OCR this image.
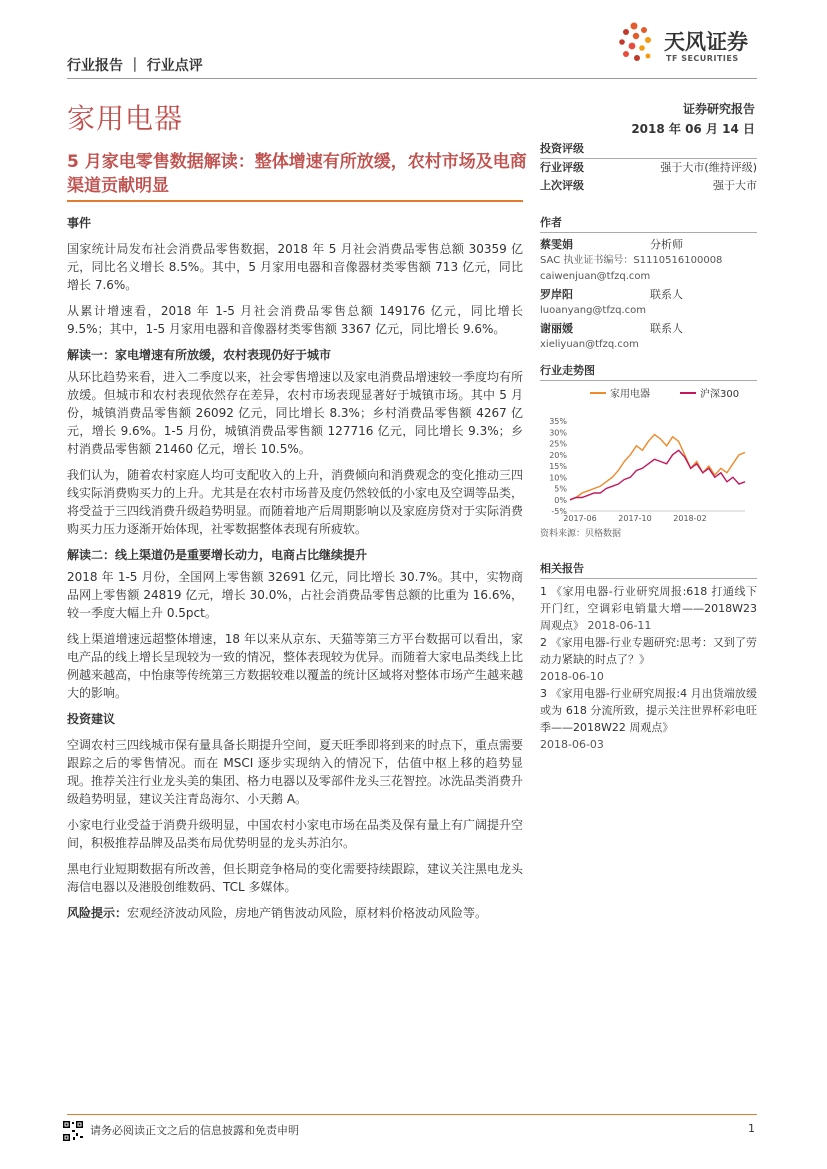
行业报告 ｜ 行业点评
天风证券
TF SECURITIES
家用电器	证券研究报告
2018 年 06 月 14 日
5 月家电零售数据解读：整体增速有所放缓，农村市场及电商渠道贡献明显
事件

国家统计局发布社会消费品零售数据，2018 年 5 月社会消费品零售总额 30359 亿元，同比名义增长 8.5%。其中，5 月家用电器和音像器材类零售额 713 亿元，同比增长 7.6%。

从累计增速看，2018 年 1-5 月社会消费品零售总额 149176 亿元，同比增长 9.5%；其中，1-5 月家用电器和音像器材类零售额 3367 亿元，同比增长 9.6%。

解读一：家电增速有所放缓，农村表现仍好于城市

从环比趋势来看，进入二季度以来，社会零售增速以及家电消费品增速较一季度均有所放缓。但城市和农村表现依然存在差异，农村市场表现显著好于城镇市场。其中 5 月份，城镇消费品零售额 26092 亿元，同比增长 8.3%；乡村消费品零售额 4267 亿元，增长 9.6%。1-5 月份，城镇消费品零售额 127716 亿元，同比增长 9.3%；乡村消费品零售额 21460 亿元，增长 10.5%。

我们认为，随着农村家庭人均可支配收入的上升，消费倾向和消费观念的变化推动三四线实际消费购买力的上升。尤其是在农村市场普及度仍然较低的小家电及空调等品类，将受益于三四线消费升级趋势明显。而随着地产后周期影响以及家庭房贷对于实际消费购买力压力逐渐开始体现，社零数据整体表现有所疲软。

解读二：线上渠道仍是重要增长动力，电商占比继续提升

2018 年 1-5 月份，全国网上零售额 32691 亿元，同比增长 30.7%。其中，实物商品网上零售额 24819 亿元，增长 30.0%，占社会消费品零售总额的比重为 16.6%，较一季度大幅上升 0.5pct。

线上渠道增速远超整体增速，18 年以来从京东、天猫等第三方平台数据可以看出，家电产品的线上增长呈现较为一致的情况，整体表现较为优异。而随着大家电品类线上比例越来越高，中怡康等传统第三方数据较难以覆盖的统计区域将对整体市场产生越来越大的影响。

投资建议

空调农村三四线城市保有量具备长期提升空间，夏天旺季即将到来的时点下，重点需要跟踪之后的零售情况。而在 MSCI 逐步实现纳入的情况下，估值中枢上移的趋势显现。推荐关注行业龙头美的集团、格力电器以及零部件龙头三花智控。冰洗品类消费升级趋势明显，建议关注青岛海尔、小天鹅 A。

小家电行业受益于消费升级明显，中国农村小家电市场在品类及保有量上有广阔提升空间，积极推荐品牌及品类布局优势明显的龙头苏泊尔。

黑电行业短期数据有所改善，但长期竞争格局的变化需要持续跟踪，建议关注黑电龙头海信电器以及港股创维数码、TCL 多媒体。

风险提示：宏观经济波动风险，房地产销售波动风险，原材料价格波动风险等。

投资评级
行业评级	强于大市(维持评级)
上次评级	强于大市
作者
蔡雯娟	分析师
SAC 执业证书编号：S1110516100008
caiwenjuan@tfzq.com
罗岸阳	联系人
luoanyang@tfzq.com
谢丽媛	联系人
xieliyuan@tfzq.com
行业走势图
家用电器	沪深300
35%
30%
25%
20%
15%
10%
5%
0%
-5%
2017-06	2017-10	2018-02
资料来源：贝格数据
相关报告
1 《家用电器-行业研究周报:618 打通线下开门红，空调彩电销量大增——2018W23 周观点》 2018-06-11
2 《家用电器-行业专题研究:思考：又到了劳动力紧缺的时点了？》
2018-06-10
3 《家用电器-行业研究周报:4 月出货端放缓或为 618 分流所致，提示关注世界杯彩电旺季——2018W22 周观点》
2018-06-03
请务必阅读正文之后的信息披露和免责申明	1
